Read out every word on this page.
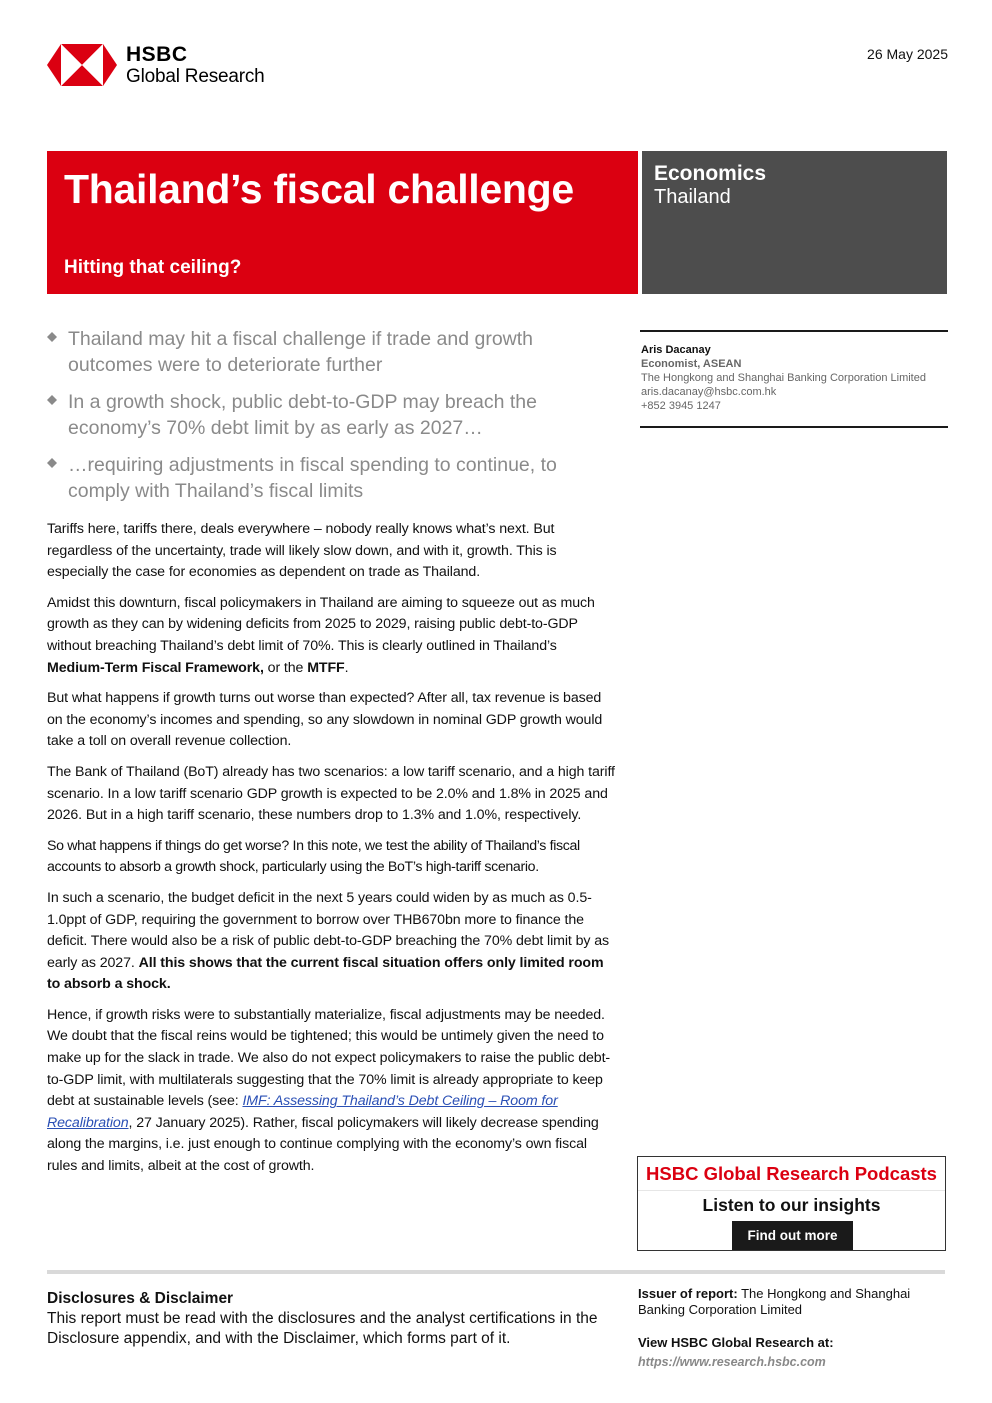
HSBC
Global Research
26 May 2025
Thailand’s fiscal challenge
Hitting that ceiling?
Economics
Thailand
Thailand may hit a fiscal challenge if trade and growth outcomes were to deteriorate further
In a growth shock, public debt-to-GDP may breach the economy’s 70% debt limit by as early as 2027…
…requiring adjustments in fiscal spending to continue, to comply with Thailand’s fiscal limits

Tariffs here, tariffs there, deals everywhere – nobody really knows what’s next. But regardless of the uncertainty, trade will likely slow down, and with it, growth. This is especially the case for economies as dependent on trade as Thailand.

Amidst this downturn, fiscal policymakers in Thailand are aiming to squeeze out as much growth as they can by widening deficits from 2025 to 2029, raising public debt-to-GDP without breaching Thailand’s debt limit of 70%. This is clearly outlined in Thailand’s Medium-Term Fiscal Framework, or the MTFF.

But what happens if growth turns out worse than expected? After all, tax revenue is based on the economy’s incomes and spending, so any slowdown in nominal GDP growth would take a toll on overall revenue collection.

The Bank of Thailand (BoT) already has two scenarios: a low tariff scenario, and a high tariff scenario. In a low tariff scenario GDP growth is expected to be 2.0% and 1.8% in 2025 and 2026. But in a high tariff scenario, these numbers drop to 1.3% and 1.0%, respectively.

So what happens if things do get worse? In this note, we test the ability of Thailand’s fiscal accounts to absorb a growth shock, particularly using the BoT’s high-tariff scenario.

In such a scenario, the budget deficit in the next 5 years could widen by as much as 0.5-1.0ppt of GDP, requiring the government to borrow over THB670bn more to finance the deficit. There would also be a risk of public debt-to-GDP breaching the 70% debt limit by as early as 2027. All this shows that the current fiscal situation offers only limited room to absorb a shock.

Hence, if growth risks were to substantially materialize, fiscal adjustments may be needed. We doubt that the fiscal reins would be tightened; this would be untimely given the need to make up for the slack in trade. We also do not expect policymakers to raise the public debt-to-GDP limit, with multilaterals suggesting that the 70% limit is already appropriate to keep debt at sustainable levels (see: IMF: Assessing Thailand’s Debt Ceiling – Room for Recalibration, 27 January 2025). Rather, fiscal policymakers will likely decrease spending along the margins, i.e. just enough to continue complying with the economy’s own fiscal rules and limits, albeit at the cost of growth.

Aris Dacanay
Economist, ASEAN
The Hongkong and Shanghai Banking Corporation Limited
aris.dacanay@hsbc.com.hk
+852 3945 1247
HSBC Global Research Podcasts
Listen to our insights
Find out more
Disclosures & Disclaimer
This report must be read with the disclosures and the analyst certifications in the Disclosure appendix, and with the Disclaimer, which forms part of it.
Issuer of report: The Hongkong and Shanghai Banking Corporation Limited
View HSBC Global Research at:
https://www.research.hsbc.com
